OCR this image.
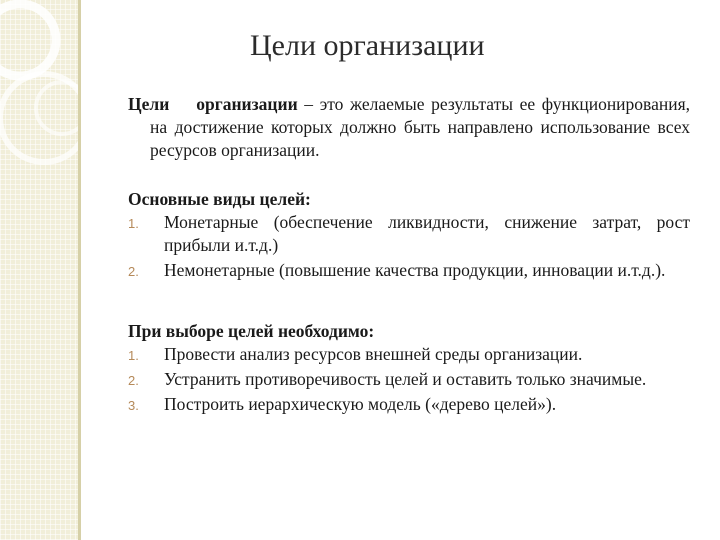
Цели организации

Цели организации – это желаемые результаты ее функционирования, на достижение которых должно быть направлено использование всех ресурсов организации.

Основные виды целей:

1. Монетарные (обеспечение ликвидности, снижение затрат, рост прибыли и.т.д.)
2. Немонетарные (повышение качества продукции, инновации и.т.д.).

При выборе целей необходимо:

1. Провести анализ ресурсов внешней среды организации.
2. Устранить противоречивость целей и оставить только значимые.
3. Построить иерархическую модель («дерево целей»).
